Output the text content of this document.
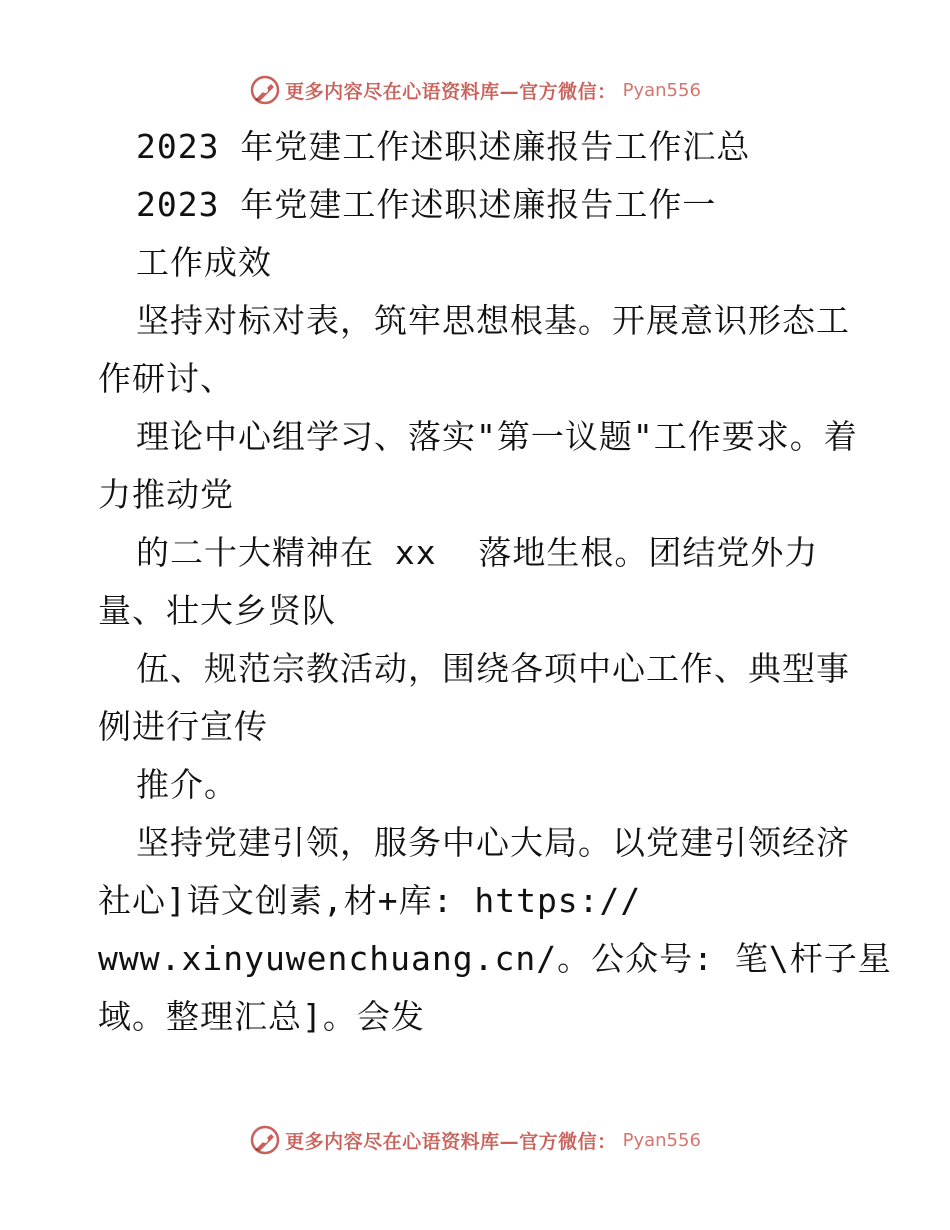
更多内容尽在心语资料库—官方微信： Pyan556
2023 年党建工作述职述廉报告工作汇总
2023 年党建工作述职述廉报告工作一
工作成效
坚持对标对表，筑牢思想根基。开展意识形态工
作研讨、
理论中心组学习、落实"第一议题"工作要求。着
力推动党
的二十大精神在 xx  落地生根。团结党外力
量、壮大乡贤队
伍、规范宗教活动，围绕各项中心工作、典型事
例进行宣传
推介。
坚持党建引领，服务中心大局。以党建引领经济
社心]语文创素,材+库: https://
www.xinyuwenchuang.cn/。公众号: 笔\杆子星
域。整理汇总]。会发
更多内容尽在心语资料库—官方微信： Pyan556
